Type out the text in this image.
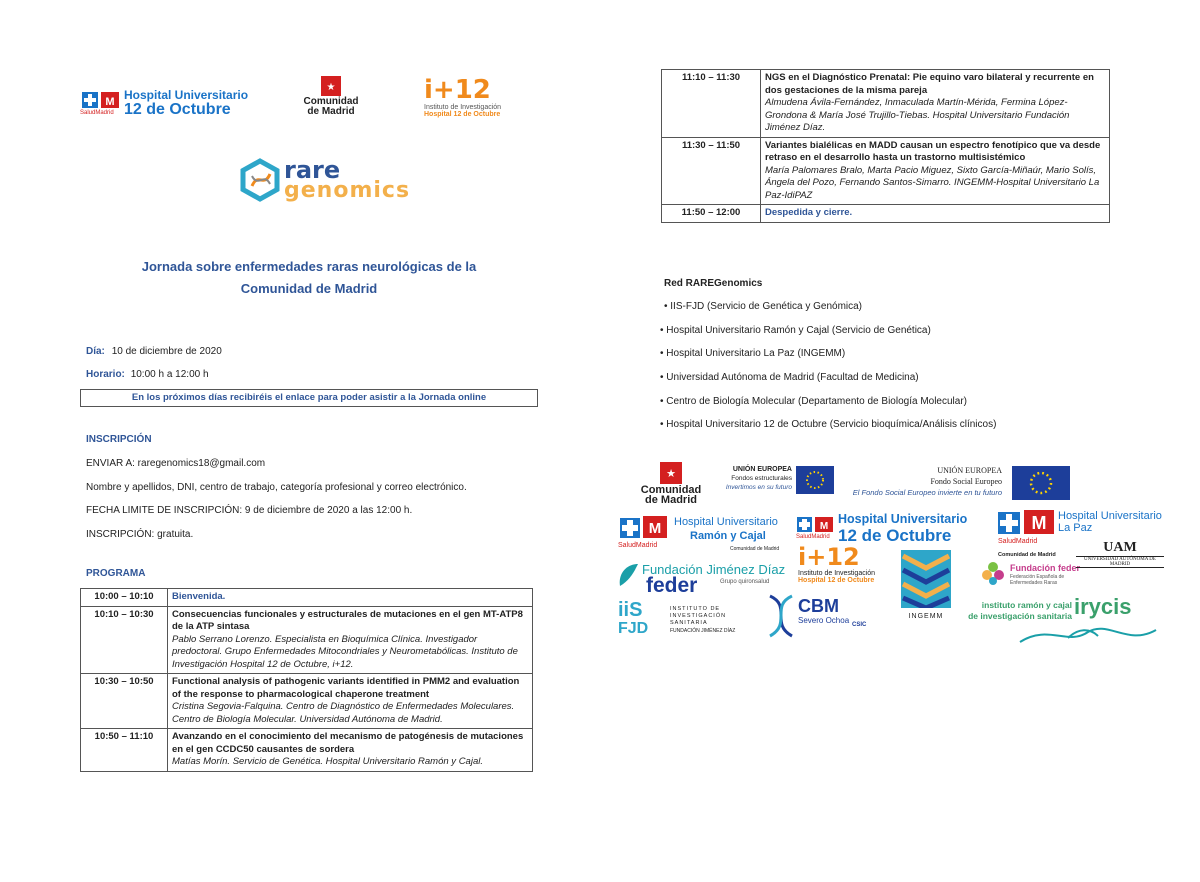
M
SaludMadrid
Hospital Universitario
12 de Octubre
★
Comunidad
de Madrid
i+12
Instituto de Investigación
Hospital 12 de Octubre
rare
genomics
Jornada sobre enfermedades raras neurológicas de la
Comunidad de Madrid
Día: 10 de diciembre de 2020
Horario: 10:00 h a 12:00 h
En los próximos días recibiréis el enlace para poder asistir a la Jornada online
INSCRIPCIÓN
ENVIAR A: raregenomics18@gmail.com
Nombre y apellidos, DNI, centro de trabajo, categoría profesional y correo electrónico.
FECHA LIMITE DE INSCRIPCIÓN: 9 de diciembre de 2020 a las 12:00 h.
INSCRIPCIÓN: gratuita.
PROGRAMA
10:00 – 10:10	Bienvenida.
10:10 – 10:30	Consecuencias funcionales y estructurales de mutaciones en el gen MT-ATP8 de la ATP sintasa
Pablo Serrano Lorenzo. Especialista en Bioquímica Clínica. Investigador predoctoral. Grupo Enfermedades Mitocondriales y Neurometabólicas. Instituto de Investigación Hospital 12 de Octubre, i+12.

10:30 – 10:50	Functional analysis of pathogenic variants identified in PMM2 and evaluation of the response to pharmacological chaperone treatment
Cristina Segovia-Falquina. Centro de Diagnóstico de Enfermedades Moleculares. Centro de Biología Molecular. Universidad Autónoma de Madrid.

10:50 – 11:10	Avanzando en el conocimiento del mecanismo de patogénesis de mutaciones en el gen CCDC50 causantes de sordera
Matías Morín. Servicio de Genética. Hospital Universitario Ramón y Cajal.
11:10 – 11:30	NGS en el Diagnóstico Prenatal: Pie equino varo bilateral y recurrente en dos gestaciones de la misma pareja
Almudena Ávila-Fernández, Inmaculada Martín-Mérida, Fermina López-Grondona & María José Trujillo-Tiebas. Hospital Universitario Fundación Jiménez Díaz.

11:30 – 11:50	Variantes bialélicas en MADD causan un espectro fenotípico que va desde retraso en el desarrollo hasta un trastorno multisistémico
María Palomares Bralo, Marta Pacio Miguez, Sixto García-Miñaúr, Mario Solís, Ángela del Pozo, Fernando Santos-Simarro. INGEMM-Hospital Universitario La Paz-IdiPAZ

11:50 – 12:00	Despedida y cierre.
Red RAREGenomics
• IIS-FJD (Servicio de Genética y Genómica)
• Hospital Universitario Ramón y Cajal (Servicio de Genética)
• Hospital Universitario La Paz (INGEMM)
• Universidad Autónoma de Madrid (Facultad de Medicina)
• Centro de Biología Molecular (Departamento de Biología Molecular)
• Hospital Universitario 12 de Octubre (Servicio bioquímica/Análisis clínicos)
★
Comunidad
de Madrid
UNIÓN EUROPEA
Fondos estructurales
Invertimos en su futuro
UNIÓN EUROPEA
Fondo Social Europeo
El Fondo Social Europeo invierte en tu futuro
M
SaludMadrid
Hospital Universitario
Ramón y Cajal
Comunidad de Madrid
M
SaludMadrid
Hospital Universitario
12 de Octubre
M
SaludMadrid
Hospital Universitario
La Paz
Fundación Jiménez Díaz
Grupo quironsalud
feder
i+12
Instituto de Investigación
Hospital 12 de Octubre
INGEMM
Comunidad de Madrid
Fundación feder
Federación Española de Enfermedades Raras
UAM
UNIVERSIDAD AUTÓNOMA DE MADRID
iiS
FJD
INSTITUTO DE INVESTIGACIÓN SANITARIA
FUNDACIÓN JIMÉNEZ DÍAZ
CBM
Severo Ochoa CSIC
instituto ramón y cajal
de investigación sanitaria irycis
